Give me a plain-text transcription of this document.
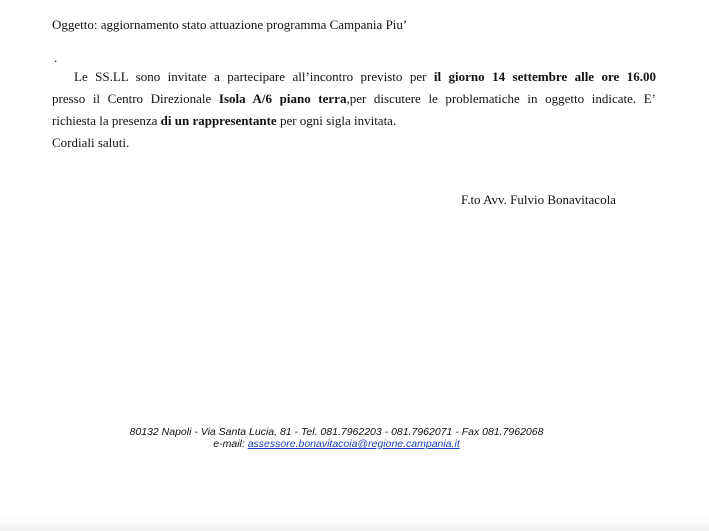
Oggetto: aggiornamento stato attuazione programma Campania Piu’
.
Le SS.LL sono invitate a partecipare all’incontro previsto per il giorno 14 settembre alle ore 16.00
presso il Centro Direzionale Isola A/6 piano terra,per discutere le problematiche in oggetto indicate. E’
richiesta la presenza di un rappresentante per ogni sigla invitata.
Cordiali saluti.
F.to Avv. Fulvio Bonavitacola
80132 Napoli - Via Santa Lucia, 81 - Tel. 081.7962203 - 081.7962071 - Fax 081.7962068
e-mail: assessore.bonavitacoia@regione.campania.it
